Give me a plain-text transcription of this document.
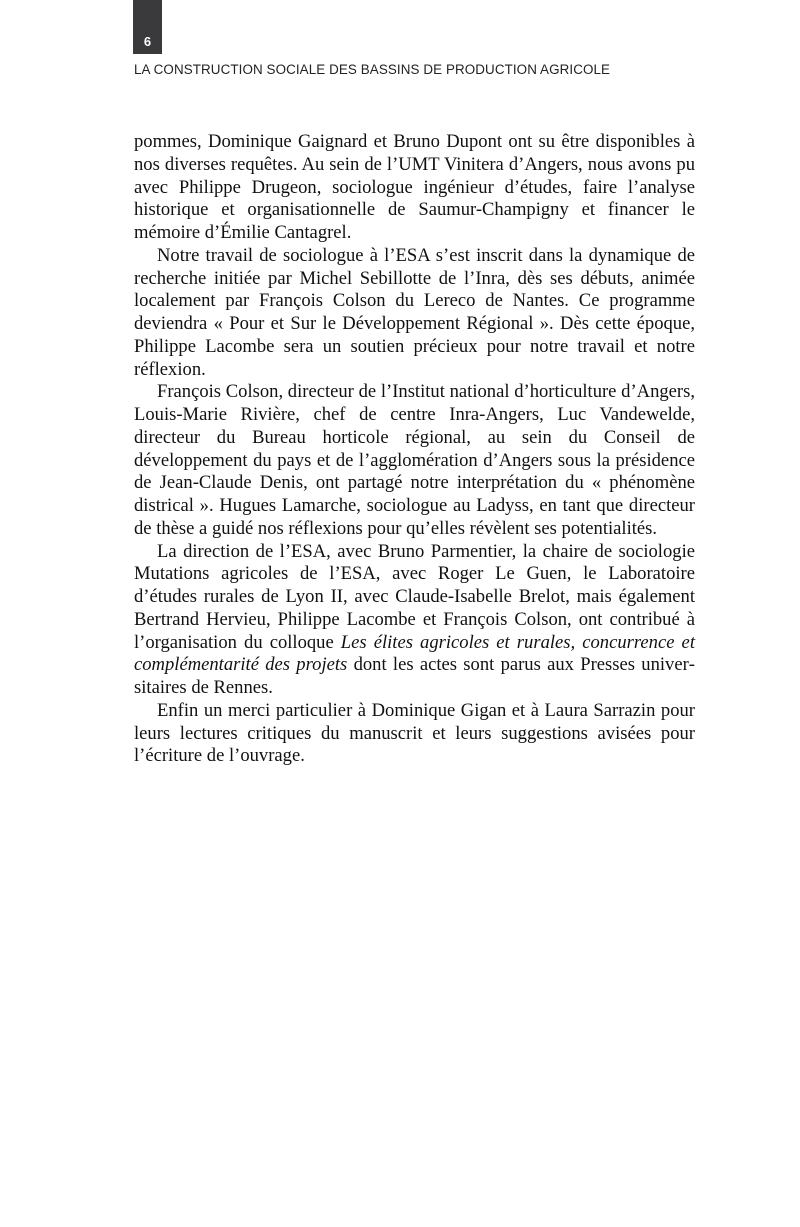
6
LA CONSTRUCTION SOCIALE DES BASSINS DE PRODUCTION AGRICOLE

pommes, Dominique Gaignard et Bruno Dupont ont su être disponibles à nos diverses requêtes. Au sein de l’UMT Vinitera d’Angers, nous avons pu avec Philippe Drugeon, sociologue ingénieur d’études, faire l’analyse historique et organisationnelle de Saumur-Champigny et financer le mémoire d’Émilie Cantagrel.

Notre travail de sociologue à l’ESA s’est inscrit dans la dynamique de recherche initiée par Michel Sebillotte de l’Inra, dès ses débuts, animée localement par François Colson du Lereco de Nantes. Ce programme deviendra « Pour et Sur le Développement Régional ». Dès cette époque, Philippe Lacombe sera un soutien précieux pour notre travail et notre réflexion.

François Colson, directeur de l’Institut national d’horticulture d’Angers, Louis-Marie Rivière, chef de centre Inra-Angers, Luc Vandewelde, directeur du Bureau horticole régional, au sein du Conseil de développement du pays et de l’agglomération d’Angers sous la présidence de Jean-Claude Denis, ont partagé notre interprétation du « phénomène districal ». Hugues Lamarche, sociologue au Ladyss, en tant que directeur de thèse a guidé nos réflexions pour qu’elles révèlent ses potentialités.

La direction de l’ESA, avec Bruno Parmentier, la chaire de sociologie Mutations agricoles de l’ESA, avec Roger Le Guen, le Laboratoire d’études rurales de Lyon II, avec Claude-Isabelle Brelot, mais également Bertrand Hervieu, Philippe Lacombe et François Colson, ont contribué à l’organisation du colloque Les élites agricoles et rurales, concurrence et complémentarité des projets dont les actes sont parus aux Presses universitaires de Rennes.

Enfin un merci particulier à Dominique Gigan et à Laura Sarrazin pour leurs lectures critiques du manuscrit et leurs suggestions avisées pour l’écriture de l’ouvrage.
